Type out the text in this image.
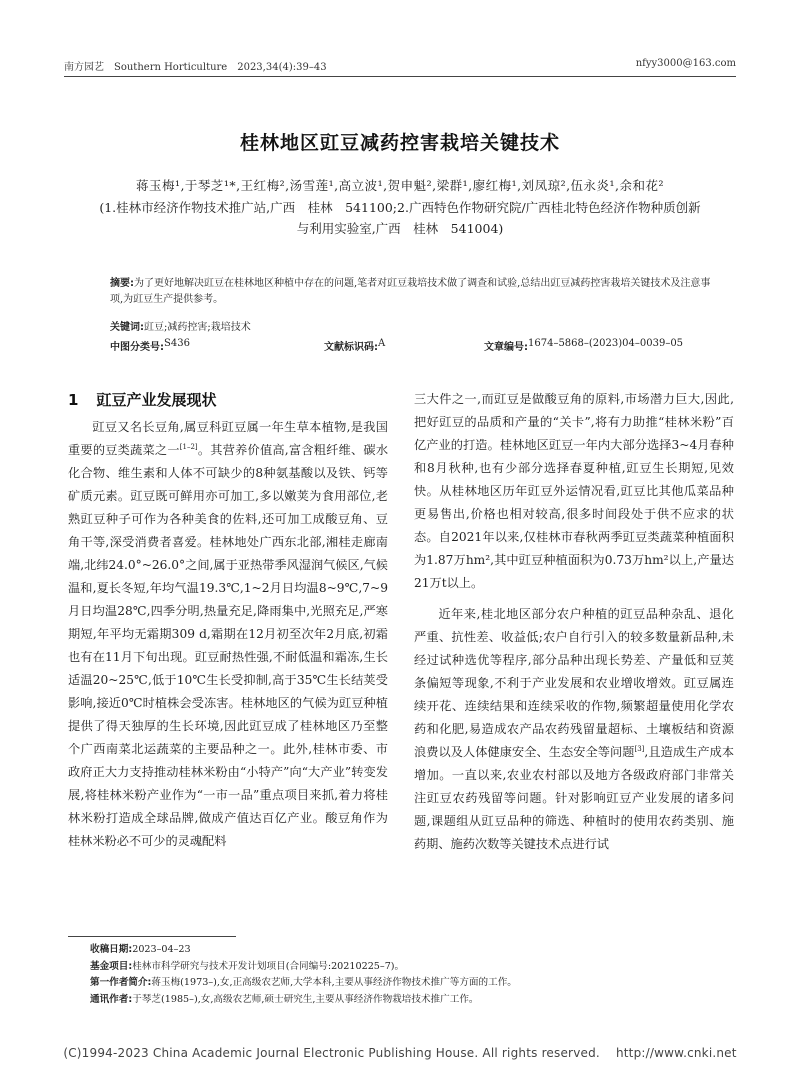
南方园艺　Southern Horticulture　2023,34(4):39–43	nfyy3000@163.com
桂林地区豇豆减药控害栽培关键技术
蒋玉梅¹,于琴芝¹*,王红梅²,汤雪莲¹,高立波¹,贺申魁²,梁群¹,廖红梅¹,刘凤琼²,伍永炎¹,余和花²
(1.桂林市经济作物技术推广站,广西　桂林　541100;2.广西特色作物研究院/广西桂北特色经济作物种质创新
与利用实验室,广西　桂林　541004)
摘要:为了更好地解决豇豆在桂林地区种植中存在的问题,笔者对豇豆栽培技术做了调查和试验,总结出豇豆减药控害栽培关键技术及注意事项,为豇豆生产提供参考。
关键词:豇豆;减药控害;栽培技术
中图分类号: S436	文献标识码: A	文章编号: 1674–5868–(2023)04–0039–05
1 豇豆产业发展现状

豇豆又名长豆角,属豆科豇豆属一年生草本植物,是我国重要的豆类蔬菜之一[1–2]。其营养价值高,富含粗纤维、碳水化合物、维生素和人体不可缺少的8种氨基酸以及铁、钙等矿质元素。豇豆既可鲜用亦可加工,多以嫩荚为食用部位,老熟豇豆种子可作为各种美食的佐料,还可加工成酸豆角、豆角干等,深受消费者喜爱。桂林地处广西东北部,湘桂走廊南端,北纬24.0°~26.0°之间,属于亚热带季风湿润气候区,气候温和,夏长冬短,年均气温19.3℃,1~2月日均温8~9℃,7~9月日均温28℃,四季分明,热量充足,降雨集中,光照充足,严寒期短,年平均无霜期309 d,霜期在12月初至次年2月底,初霜也有在11月下旬出现。豇豆耐热性强,不耐低温和霜冻,生长适温20~25℃,低于10℃生长受抑制,高于35℃生长结荚受影响,接近0℃时植株会受冻害。桂林地区的气候为豇豆种植提供了得天独厚的生长环境,因此豇豆成了桂林地区乃至整个广西南菜北运蔬菜的主要品种之一。此外,桂林市委、市政府正大力支持推动桂林米粉由“小特产”向“大产业”转变发展,将桂林米粉产业作为“一市一品”重点项目来抓,着力将桂林米粉打造成全球品牌,做成产值达百亿产业。酸豆角作为桂林米粉必不可少的灵魂配料

三大件之一,而豇豆是做酸豆角的原料,市场潜力巨大,因此,把好豇豆的品质和产量的“关卡”,将有力助推“桂林米粉”百亿产业的打造。桂林地区豇豆一年内大部分选择3~4月春种和8月秋种,也有少部分选择春夏种植,豇豆生长期短,见效快。从桂林地区历年豇豆外运情况看,豇豆比其他瓜菜品种更易售出,价格也相对较高,很多时间段处于供不应求的状态。自2021年以来,仅桂林市春秋两季豇豆类蔬菜种植面积为1.87万hm²,其中豇豆种植面积为0.73万hm²以上,产量达21万t以上。

近年来,桂北地区部分农户种植的豇豆品种杂乱、退化严重、抗性差、收益低;农户自行引入的较多数量新品种,未经过试种选优等程序,部分品种出现长势差、产量低和豆荚条偏短等现象,不利于产业发展和农业增收增效。豇豆属连续开花、连续结果和连续采收的作物,频繁超量使用化学农药和化肥,易造成农产品农药残留量超标、土壤板结和资源浪费以及人体健康安全、生态安全等问题[3],且造成生产成本增加。一直以来,农业农村部以及地方各级政府部门非常关注豇豆农药残留等问题。针对影响豇豆产业发展的诸多问题,课题组从豇豆品种的筛选、种植时的使用农药类别、施药期、施药次数等关键技术点进行试

收稿日期:2023–04–23
基金项目:桂林市科学研究与技术开发计划项目(合同编号:20210225–7)。
第一作者简介:蒋玉梅(1973–),女,正高级农艺师,大学本科,主要从事经济作物技术推广等方面的工作。
通讯作者:于琴芝(1985–),女,高级农艺师,硕士研究生,主要从事经济作物栽培技术推广工作。
(C)1994-2023 China Academic Journal Electronic Publishing House. All rights reserved.    http://www.cnki.net
